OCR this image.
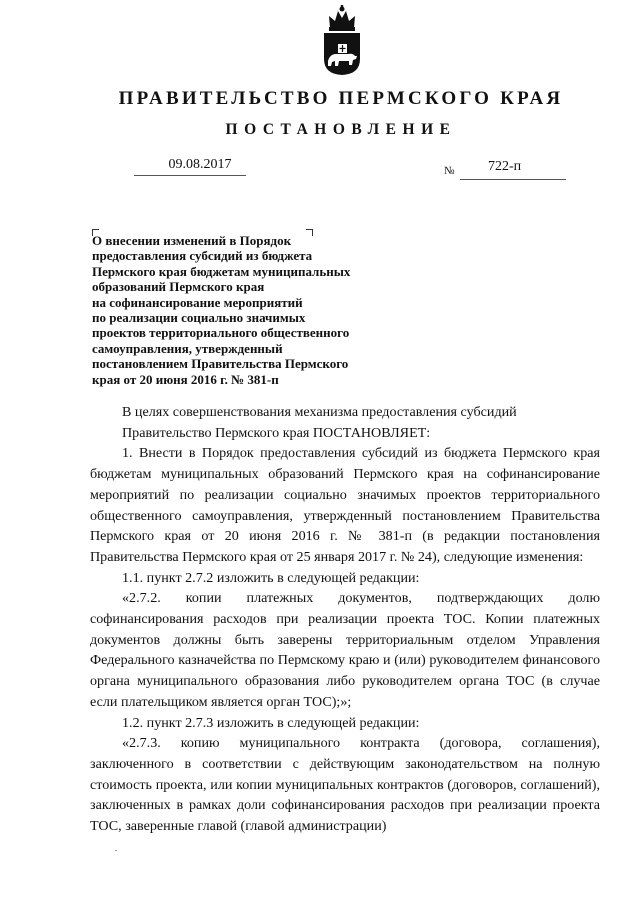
ПРАВИТЕЛЬСТВО ПЕРМСКОГО КРАЯ
ПОСТАНОВЛЕНИЕ
09.08.2017	№ 722-п
О внесении изменений в Порядок
предоставления субсидий из бюджета
Пермского края бюджетам муниципальных
образований Пермского края
на софинансирование мероприятий
по реализации социально значимых
проектов территориального общественного
самоуправления, утвержденный
постановлением Правительства Пермского
края от 20 июня 2016 г. № 381-п

В целях совершенствования механизма предоставления субсидий

Правительство Пермского края ПОСТАНОВЛЯЕТ:

1. Внести в Порядок предоставления субсидий из бюджета Пермского края бюджетам муниципальных образований Пермского края на софинансирование мероприятий по реализации социально значимых проектов территориального общественного самоуправления, утвержденный постановлением Правительства Пермского края от 20 июня 2016 г. № 381-п (в редакции постановления Правительства Пермского края от 25 января 2017 г. № 24), следующие изменения:

1.1. пункт 2.7.2 изложить в следующей редакции:

«2.7.2. копии платежных документов, подтверждающих долю софинансирования расходов при реализации проекта ТОС. Копии платежных документов должны быть заверены территориальным отделом Управления Федерального казначейства по Пермскому краю и (или) руководителем финансового органа муниципального образования либо руководителем органа ТОС (в случае если плательщиком является орган ТОС);»;

1.2. пункт 2.7.3 изложить в следующей редакции:

«2.7.3. копию муниципального контракта (договора, соглашения), заключенного в соответствии с действующим законодательством на полную стоимость проекта, или копии муниципальных контрактов (договоров, соглашений), заключенных в рамках доли софинансирования расходов при реализации проекта ТОС, заверенные главой (главой администрации)
